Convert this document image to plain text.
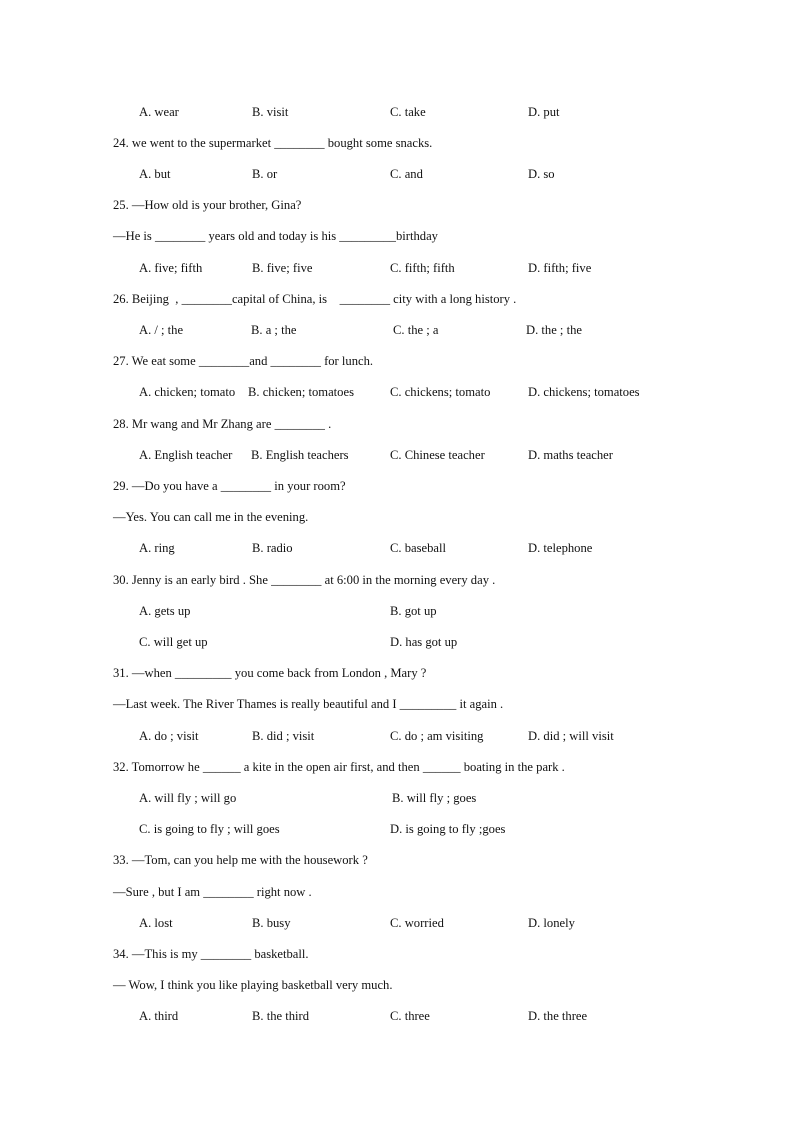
A. wear	B. visit	C. take	D. put
24. we went to the supermarket ________ bought some snacks.
A. but	B. or	C. and	D. so
25. —How old is your brother, Gina?
—He is ________ years old and today is his _________birthday
A. five; fifth	B. five; five	C. fifth; fifth	D. fifth; five
26. Beijing  , ________capital of China, is    ________ city with a long history .
A. / ; the	B. a ; the	C. the ; a	D. the ; the
27. We eat some ________and ________ for lunch.
A. chicken; tomato B. chicken; tomatoes	C. chickens; tomato	D. chickens; tomatoes
28. Mr wang and Mr Zhang are ________ .
A. English teacher B. English teachers	C. Chinese teacher	D. maths teacher
29. —Do you have a ________ in your room?
—Yes. You can call me in the evening.
A. ring	B. radio	C. baseball	D. telephone
30. Jenny is an early bird . She ________ at 6:00 in the morning every day .
A. gets up	B. got up
C. will get up	D. has got up
31. —when _________ you come back from London , Mary ?
—Last week. The River Thames is really beautiful and I _________ it again .
A. do ; visit	B. did ; visit	C. do ; am visiting	D. did ; will visit
32. Tomorrow he ______ a kite in the open air first, and then ______ boating in the park .
A. will fly ; will go	B. will fly ; goes
C. is going to fly ; will goes	D. is going to fly ;goes
33. —Tom, can you help me with the housework ?
—Sure , but I am ________ right now .
A. lost	B. busy	C. worried	D. lonely
34. —This is my ________ basketball.
— Wow, I think you like playing basketball very much.
A. third	B. the third	C. three	D. the three
